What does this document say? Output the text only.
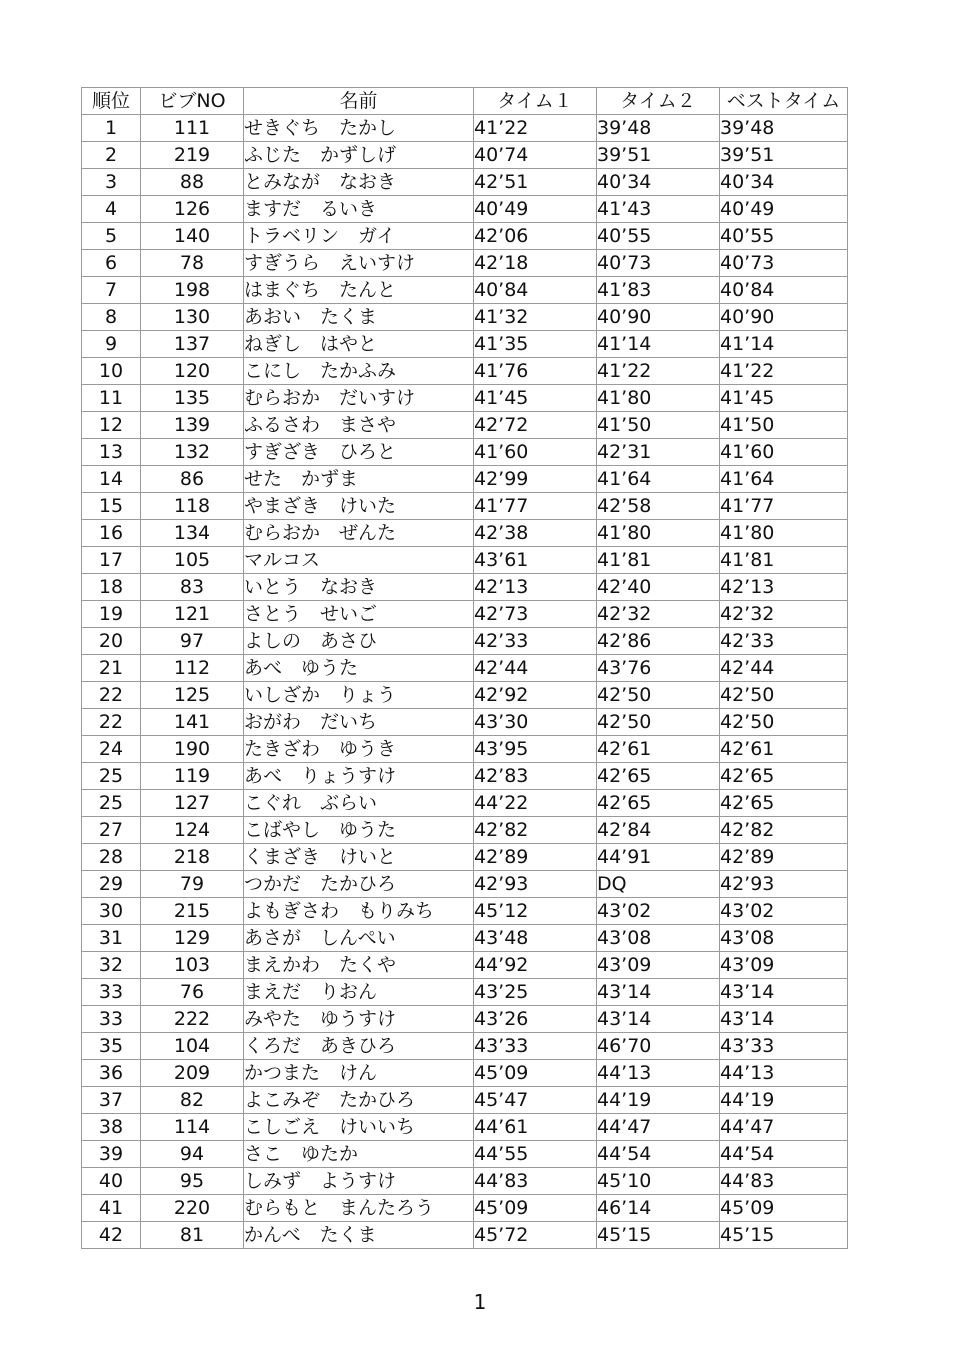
順位	ビブNO	名前	タイム１	タイム２	ベストタイム
1	111	せきぐち　たかし	41’22	39’48	39’48
2	219	ふじた　かずしげ	40’74	39’51	39’51
3	88	とみなが　なおき	42’51	40’34	40’34
4	126	ますだ　るいき	40’49	41’43	40’49
5	140	トラベリン　ガイ	42’06	40’55	40’55
6	78	すぎうら　えいすけ	42’18	40’73	40’73
7	198	はまぐち　たんと	40’84	41’83	40’84
8	130	あおい　たくま	41’32	40’90	40’90
9	137	ねぎし　はやと	41’35	41’14	41’14
10	120	こにし　たかふみ	41’76	41’22	41’22
11	135	むらおか　だいすけ	41’45	41’80	41’45
12	139	ふるさわ　まさや	42’72	41’50	41’50
13	132	すぎざき　ひろと	41’60	42’31	41’60
14	86	せた　かずま	42’99	41’64	41’64
15	118	やまざき　けいた	41’77	42’58	41’77
16	134	むらおか　ぜんた	42’38	41’80	41’80
17	105	マルコス	43’61	41’81	41’81
18	83	いとう　なおき	42’13	42’40	42’13
19	121	さとう　せいご	42’73	42’32	42’32
20	97	よしの　あさひ	42’33	42’86	42’33
21	112	あべ　ゆうた	42’44	43’76	42’44
22	125	いしざか　りょう	42’92	42’50	42’50
22	141	おがわ　だいち	43’30	42’50	42’50
24	190	たきざわ　ゆうき	43’95	42’61	42’61
25	119	あべ　りょうすけ	42’83	42’65	42’65
25	127	こぐれ　ぶらい	44’22	42’65	42’65
27	124	こばやし　ゆうた	42’82	42’84	42’82
28	218	くまざき　けいと	42’89	44’91	42’89
29	79	つかだ　たかひろ	42’93	DQ	42’93
30	215	よもぎさわ　もりみち	45’12	43’02	43’02
31	129	あさが　しんぺい	43’48	43’08	43’08
32	103	まえかわ　たくや	44’92	43’09	43’09
33	76	まえだ　りおん	43’25	43’14	43’14
33	222	みやた　ゆうすけ	43’26	43’14	43’14
35	104	くろだ　あきひろ	43’33	46’70	43’33
36	209	かつまた　けん	45’09	44’13	44’13
37	82	よこみぞ　たかひろ	45’47	44’19	44’19
38	114	こしごえ　けいいち	44’61	44’47	44’47
39	94	さこ　ゆたか	44’55	44’54	44’54
40	95	しみず　ようすけ	44’83	45’10	44’83
41	220	むらもと　まんたろう	45’09	46’14	45’09
42	81	かんべ　たくま	45’72	45’15	45’15
1
